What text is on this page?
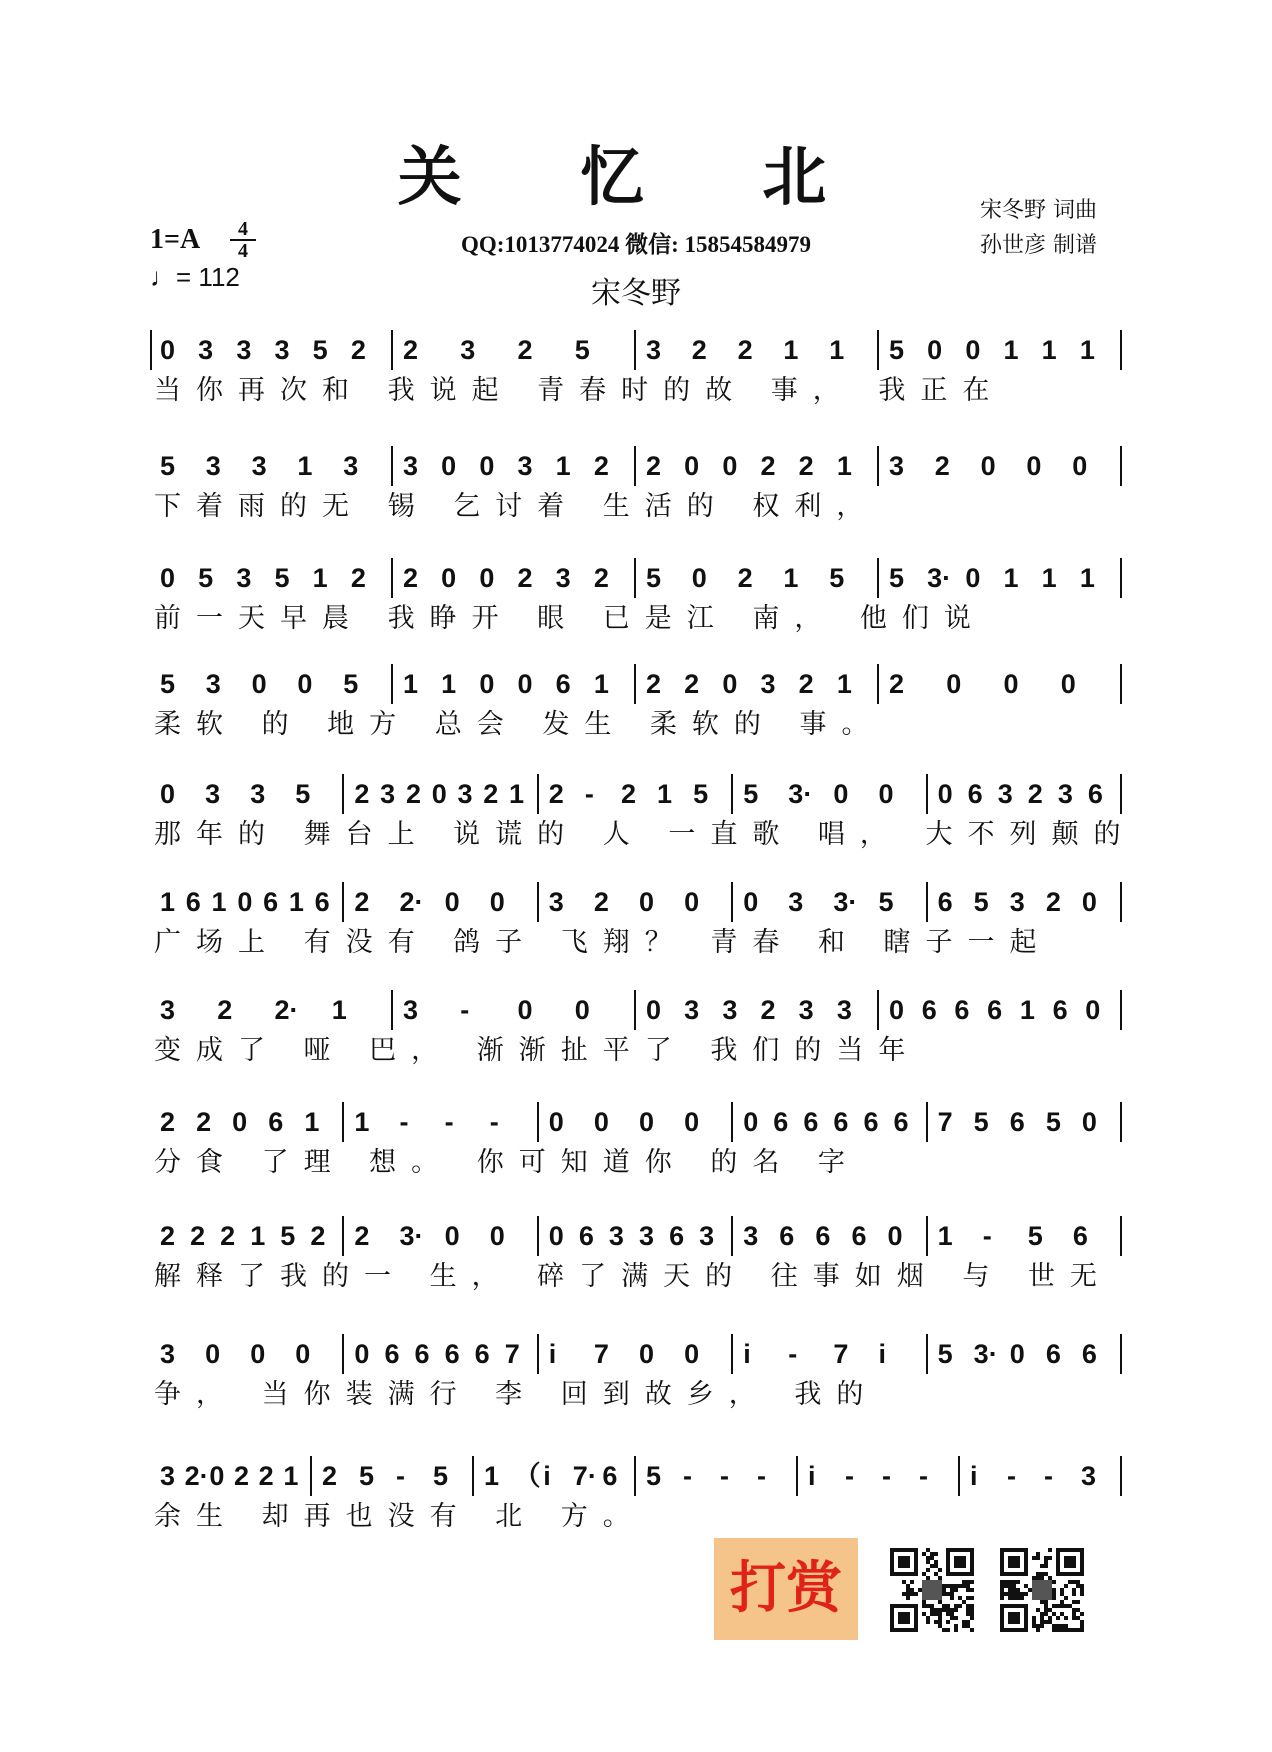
关 忆 北
1=A	4
4
♩= 112
QQ:1013774024 微信: 15854584979
宋冬野
宋冬野 词曲
孙世彦 制谱
0 3 3 3 5 2 2 3 2 5 3 2 2 1 1 5 0 0 1 1 1
当你再次和 我说起 青春时的故 事， 我正在
5 3 3 1 3 3 0 0 3 1 2 2 0 0 2 2 1 3 2 0 0 0
下着雨的无 锡 乞讨着 生活的 权利，
0 5 3 5 1 2 2 0 0 2 3 2 5 0 2 1 5 5 3· 0 1 1 1
前一天早晨 我睁开 眼 已是江 南， 他们说
5 3 0 0 5 1 1 0 0 6 1 2 2 0 3 2 1 2 0 0 0
柔软 的 地方 总会 发生 柔软的 事。
0 3 3 5 2 3 2 0 3 2 1 2 - 2 1 5 5 3· 0 0 0 6 3 2 3 6
那年的 舞台上 说谎的 人 一直歌 唱， 大不列颠的
1 6 1 0 6 1 6 2 2· 0 0 3 2 0 0 0 3 3· 5 6 5 3 2 0
广场上 有没有 鸽子 飞翔？ 青春 和 瞎子一起
3 2 2· 1 3 - 0 0 0 3 3 2 3 3 0 6 6 6 1 6 0
变成了 哑 巴， 渐渐扯平了 我们的当年
2 2 0 6 1 1 - - - 0 0 0 0 0 6 6 6 6 6 7 5 6 5 0
分食 了理 想。 你可知道你 的名 字
2 2 2 1 5 2 2 3· 0 0 0 6 3 3 6 3 3 6 6 6 0 1 - 5 6
解释了我的一 生， 碎了满天的 往事如烟 与 世无
3 0 0 0 0 6 6 6 6 7 i 7 0 0 i - 7 i 5 3· 0 6 6
争， 当你装满行 李 回到故乡， 我的
3 2· 0 2 2 1 2 5 - 5 1 （ i 7· 6 5 - - - i - - - i - - 3
余生 却再也没有 北 方。
打赏
